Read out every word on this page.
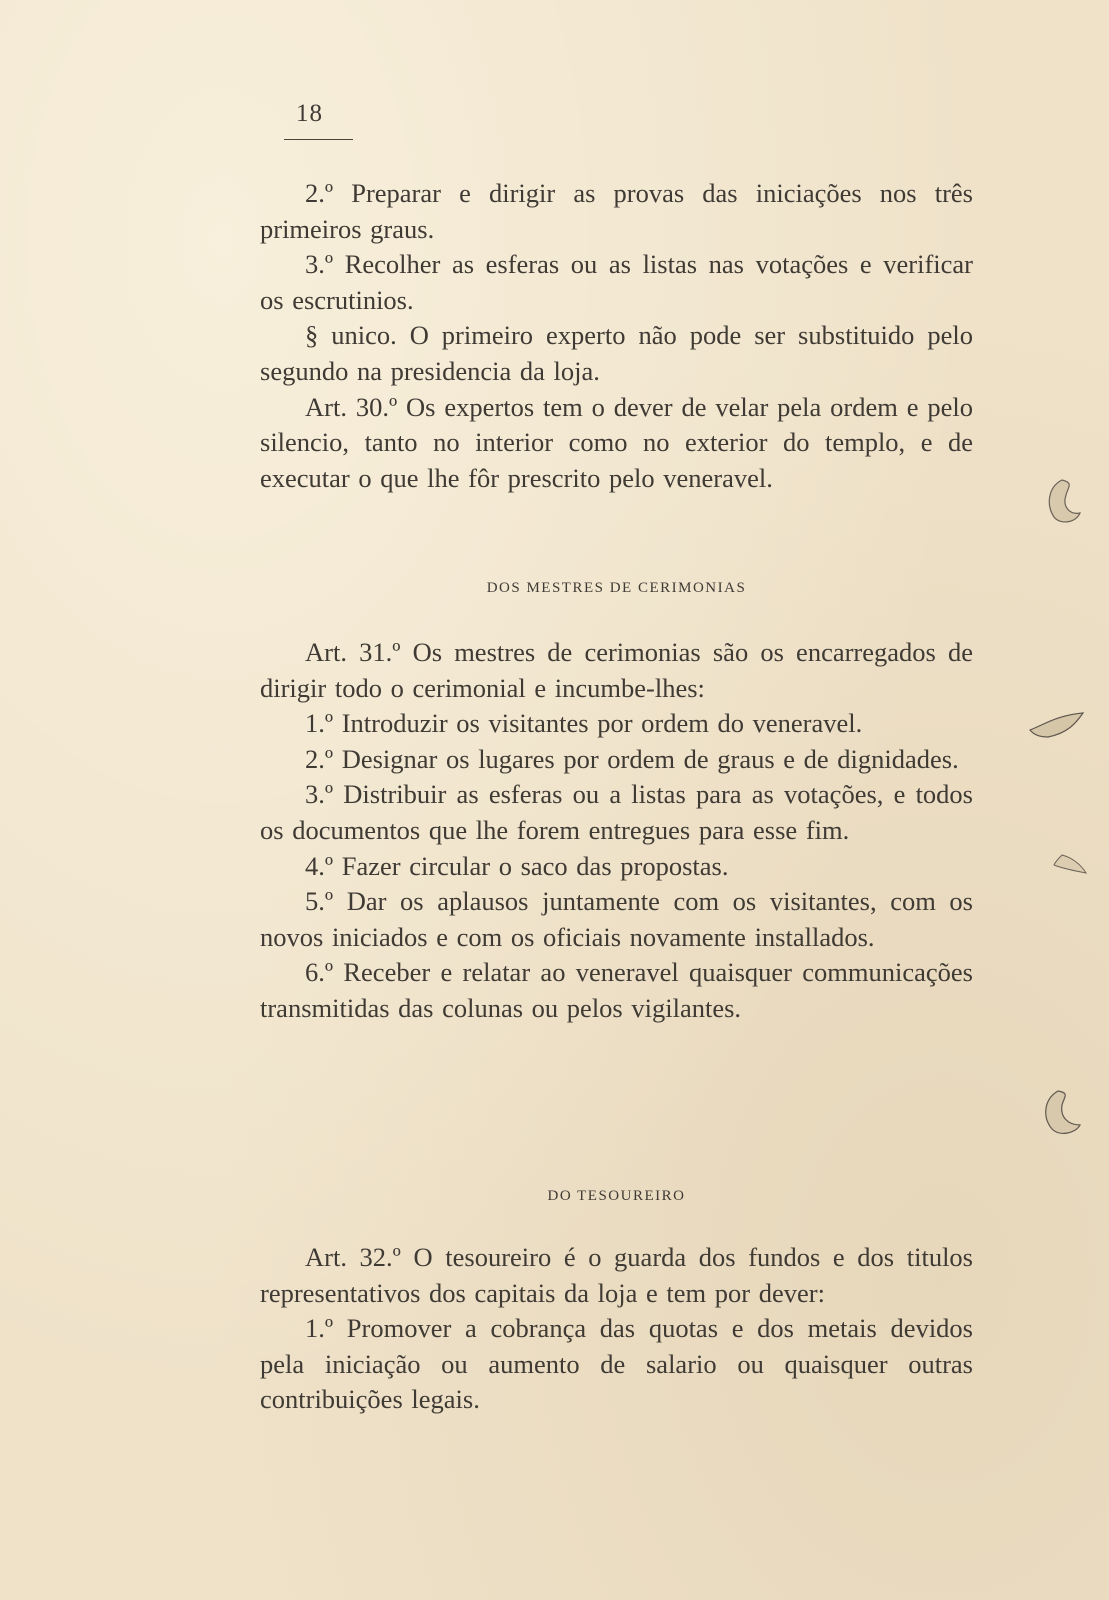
18

2.º Preparar e dirigir as provas das iniciações nos três primeiros graus.

3.º Recolher as esferas ou as listas nas votações e verificar os escrutinios.

§ unico. O primeiro experto não pode ser substituido pelo segundo na presidencia da loja.

Art. 30.º Os expertos tem o dever de velar pela ordem e pelo silencio, tanto no interior como no exterior do templo, e de executar o que lhe fôr prescrito pelo veneravel.

DOS MESTRES DE CERIMONIAS

Art. 31.º Os mestres de cerimonias são os encarregados de dirigir todo o cerimonial e incumbe-lhes:

1.º Introduzir os visitantes por ordem do veneravel.

2.º Designar os lugares por ordem de graus e de dignidades.

3.º Distribuir as esferas ou a listas para as votações, e todos os documentos que lhe forem entregues para esse fim.

4.º Fazer circular o saco das propostas.

5.º Dar os aplausos juntamente com os visitantes, com os novos iniciados e com os oficiais novamente installados.

6.º Receber e relatar ao veneravel quaisquer communicações transmitidas das colunas ou pelos vigilantes.

DO TESOUREIRO

Art. 32.º O tesoureiro é o guarda dos fundos e dos titulos representativos dos capitais da loja e tem por dever:

1.º Promover a cobrança das quotas e dos metais devidos pela iniciação ou aumento de salario ou quaisquer outras contribuições legais.
